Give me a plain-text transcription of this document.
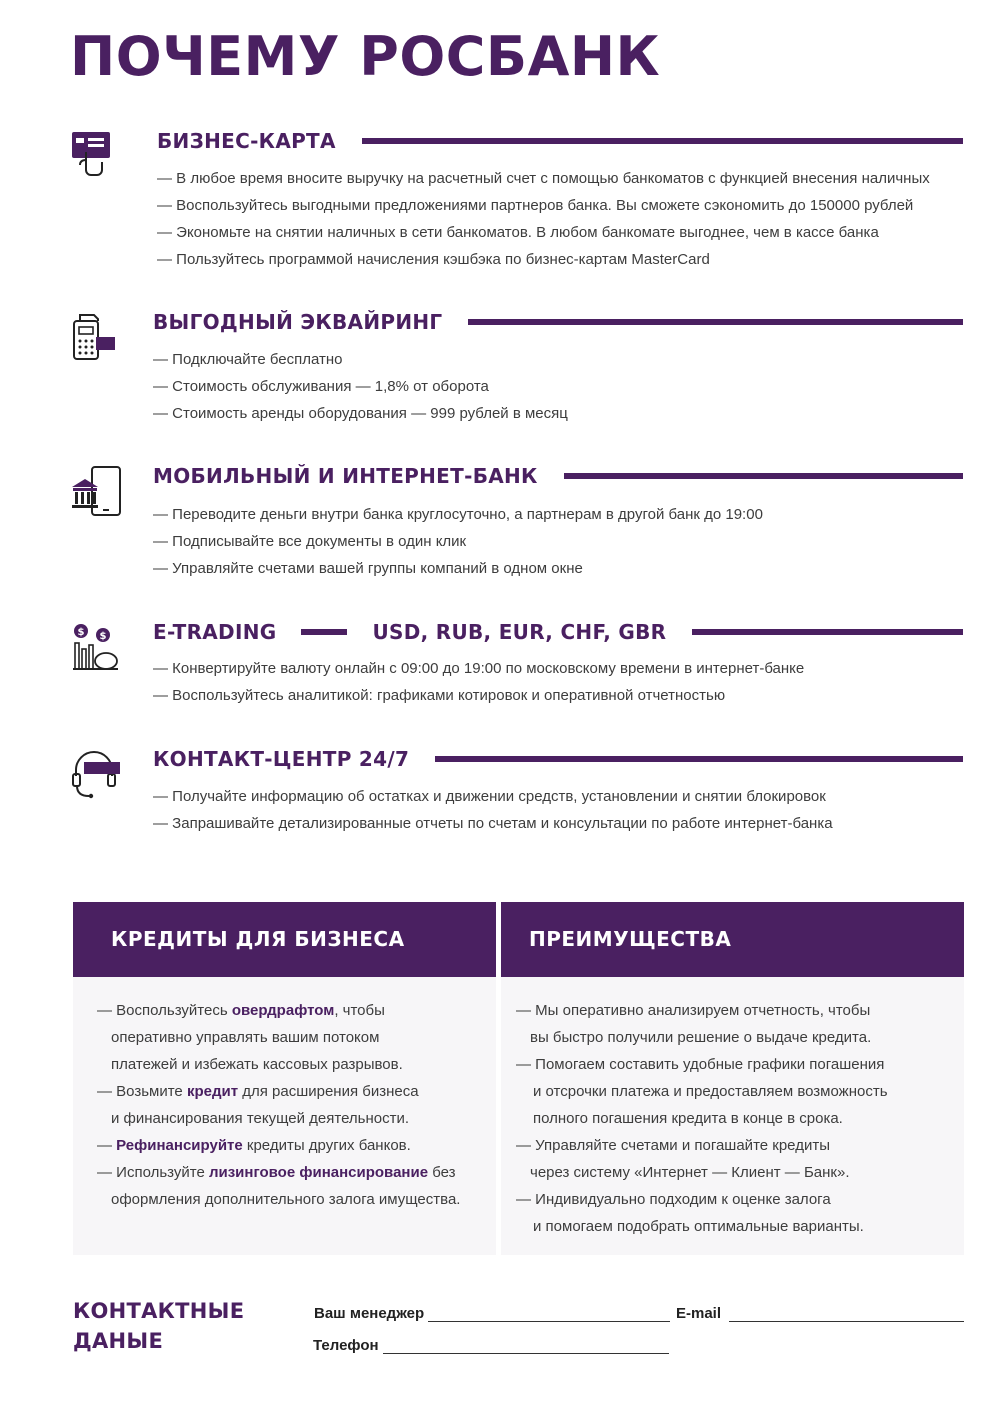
ПОЧЕМУ РОСБАНК
БИЗНЕС-КАРТА
— В любое время вносите выручку на расчетный счет с помощью банкоматов с функцией внесения наличных
— Воспользуйтесь выгодными предложениями партнеров банка. Вы сможете сэкономить до 150000 рублей
— Экономьте на снятии наличных в сети банкоматов. В любом банкомате выгоднее, чем в кассе банка
— Пользуйтесь программой начисления кэшбэка по бизнес-картам MasterCard
ВЫГОДНЫЙ ЭКВАЙРИНГ
— Подключайте бесплатно
— Стоимость обслуживания — 1,8% от оборота
— Стоимость аренды оборудования — 999 рублей в месяц
МОБИЛЬНЫЙ И ИНТЕРНЕТ-БАНК
— Переводите деньги внутри банка круглосуточно, а партнерам в другой банк до 19:00
— Подписывайте все документы в один клик
— Управляйте счетами вашей группы компаний в одном окне
$ $ E-TRADING	USD, RUB, EUR, CHF, GBR
— Конвертируйте валюту онлайн с 09:00 до 19:00 по московскому времени в интернет-банке
— Воспользуйтесь аналитикой: графиками котировок и оперативной отчетностью
КОНТАКТ-ЦЕНТР 24/7
— Получайте информацию об остатках и движении средств, установлении и снятии блокировок
— Запрашивайте детализированные отчеты по счетам и консультации по работе интернет-банка
КРЕДИТЫ ДЛЯ БИЗНЕСА

— Воспользуйтесь овердрафтом, чтобы

оперативно управлять вашим потоком

платежей и избежать кассовых разрывов.

— Возьмите кредит для расширения бизнеса

и финансирования текущей деятельности.

— Рефинансируйте кредиты других банков.

— Используйте лизинговое финансирование без

оформления дополнительного залога имущества.

ПРЕИМУЩЕСТВА

— Мы оперативно анализируем отчетность, чтобы

вы быстро получили решение о выдаче кредита.

— Помогаем составить удобные графики погашения

и отсрочки платежа и предоставляем возможность

полного погашения кредита в конце в срока.

— Управляйте счетами и погашайте кредиты

через систему «Интернет — Клиент — Банк».

— Индивидуально подходим к оценке залога

и помогаем подобрать оптимальные варианты.

КОНТАКТНЫЕ
ДАНЫЕ
Ваш менеджер	E-mail
Телефон
